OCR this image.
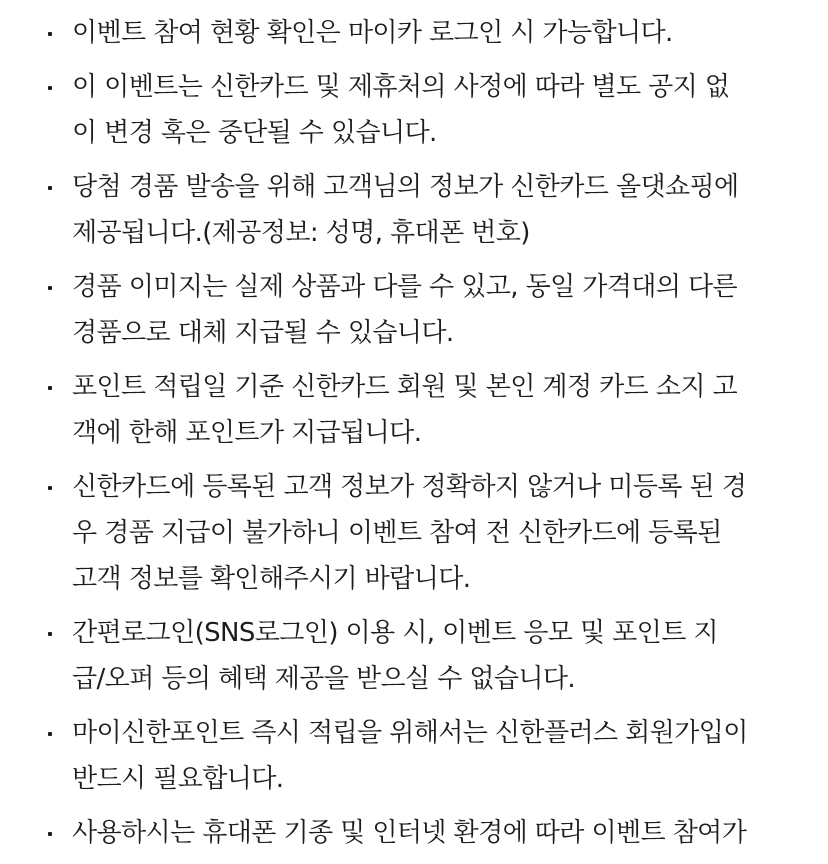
이벤트 참여 현황 확인은 마이카 로그인 시 가능합니다.
이 이벤트는 신한카드 및 제휴처의 사정에 따라 별도 공지 없
이 변경 혹은 중단될 수 있습니다.
당첨 경품 발송을 위해 고객님의 정보가 신한카드 올댓쇼핑에
제공됩니다.(제공정보: 성명, 휴대폰 번호)
경품 이미지는 실제 상품과 다를 수 있고, 동일 가격대의 다른
경품으로 대체 지급될 수 있습니다.
포인트 적립일 기준 신한카드 회원 및 본인 계정 카드 소지 고
객에 한해 포인트가 지급됩니다.
신한카드에 등록된 고객 정보가 정확하지 않거나 미등록 된 경
우 경품 지급이 불가하니 이벤트 참여 전 신한카드에 등록된
고객 정보를 확인해주시기 바랍니다.
간편로그인(SNS로그인) 이용 시, 이벤트 응모 및 포인트 지
급/오퍼 등의 혜택 제공을 받으실 수 없습니다.
마이신한포인트 즉시 적립을 위해서는 신한플러스 회원가입이
반드시 필요합니다.
사용하시는 휴대폰 기종 및 인터넷 환경에 따라 이벤트 참여가
